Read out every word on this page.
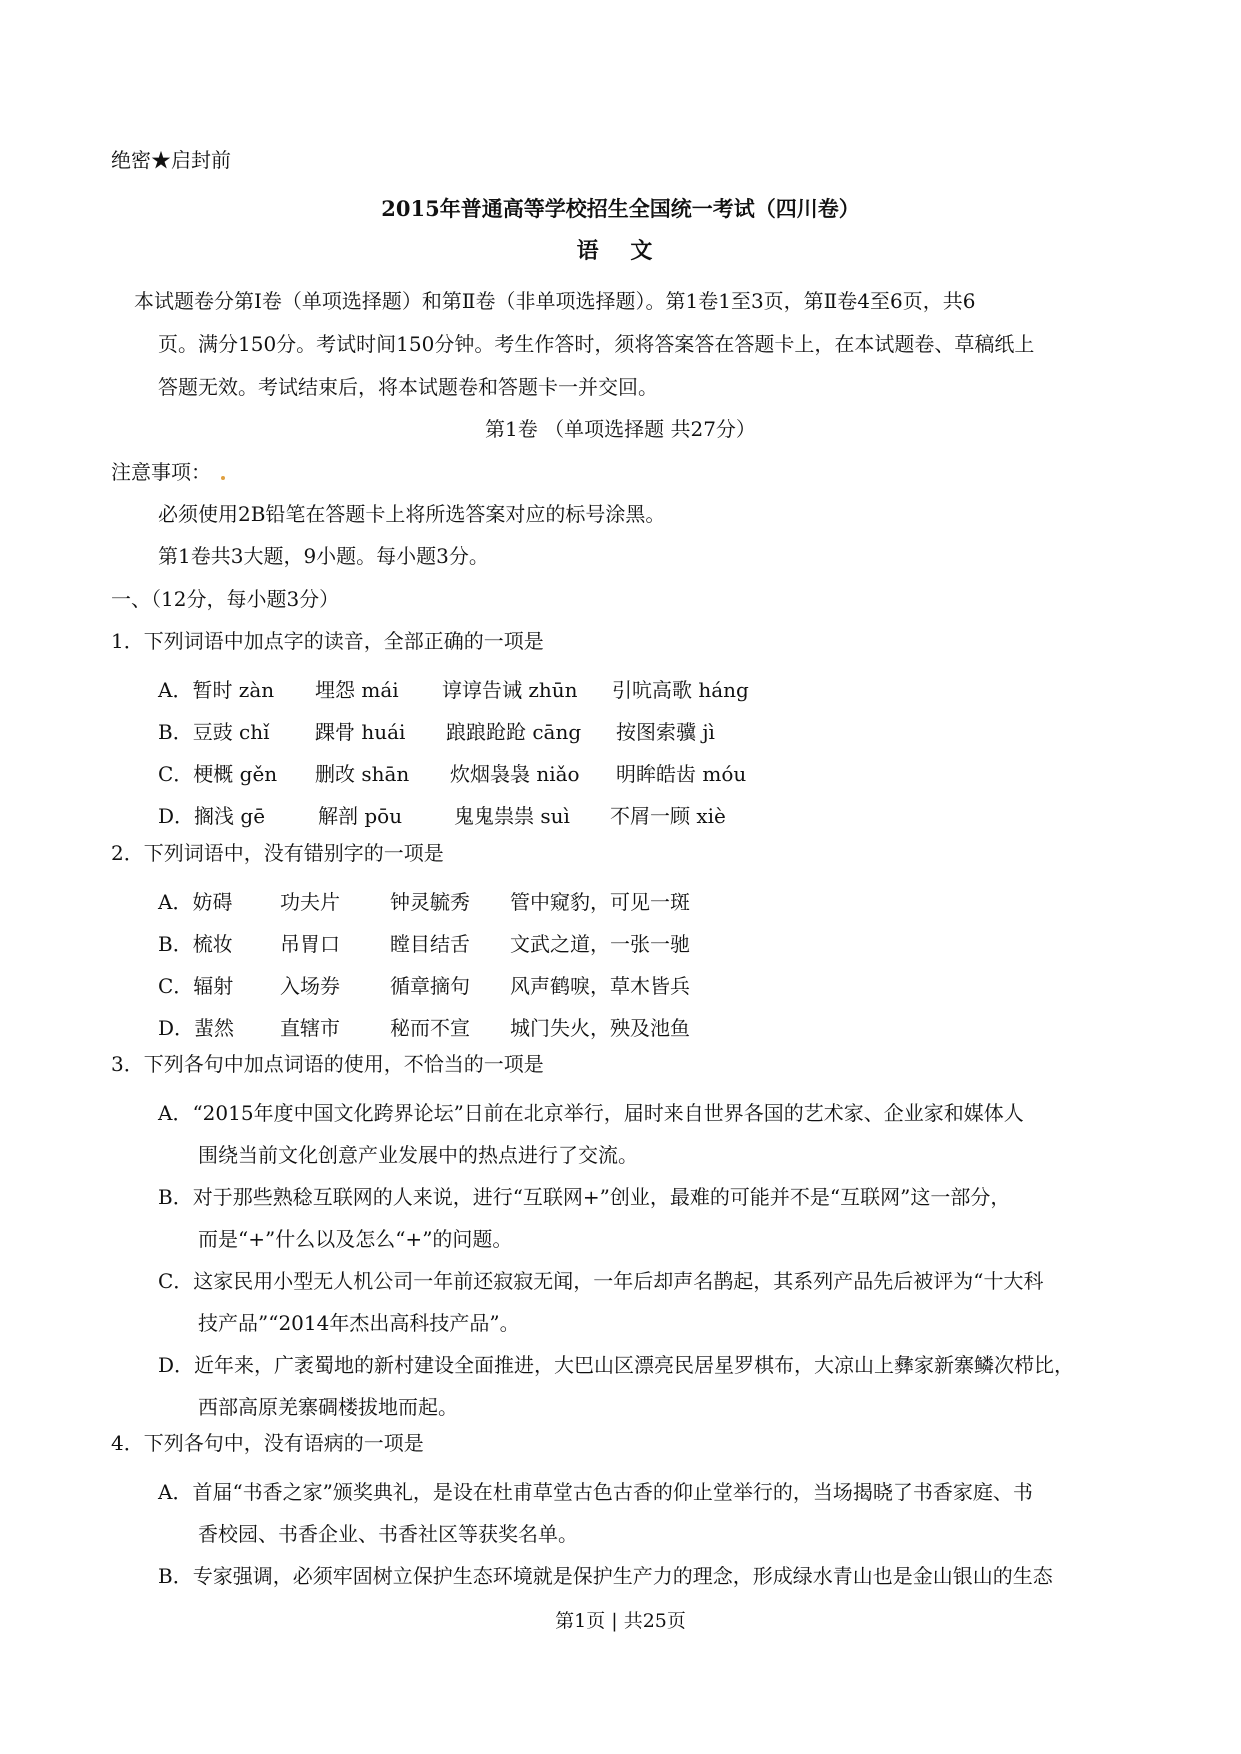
绝密★启封前
2015年普通高等学校招生全国统一考试（四川卷）
语 文
本试题卷分第Ⅰ卷（单项选择题）和第Ⅱ卷（非单项选择题）。第1卷1至3页，第Ⅱ卷4至6页，共6
页。满分150分。考试时间150分钟。考生作答时，须将答案答在答题卡上，在本试题卷、草稿纸上
答题无效。考试结束后，将本试题卷和答题卡一并交回。
第1卷 （单项选择题 共27分）
注意事项：
必须使用2B铅笔在答题卡上将所选答案对应的标号涂黑。
第1卷共3大题，9小题。每小题3分。
一、（12分，每小题3分）
1．下列词语中加点字的读音，全部正确的一项是
A．暂时 zàn 埋怨 mái 谆谆告诫 zhūn 引吭高歌 háng
B．豆豉 chǐ 踝骨 huái 踉踉跄跄 cāng 按图索骥 jì
C．梗概 gěn 删改 shān 炊烟袅袅 niǎo 明眸皓齿 móu
D．搁浅 gē	解剖 pōu	鬼鬼祟祟 suì 不屑一顾 xiè
2．下列词语中，没有错别字的一项是
A．妨碍 功夫片	钟灵毓秀 管中窥豹，可见一斑
B．梳妆 吊胃口	瞠目结舌 文武之道，一张一驰
C．辐射 入场券	循章摘句 风声鹤唳，草木皆兵
D．蜚然 直辖市	秘而不宣 城门失火，殃及池鱼
3．下列各句中加点词语的使用，不恰当的一项是
A．“2015年度中国文化跨界论坛”日前在北京举行，届时来自世界各国的艺术家、企业家和媒体人
围绕当前文化创意产业发展中的热点进行了交流。
B．对于那些熟稔互联网的人来说，进行“互联网+”创业，最难的可能并不是“互联网”这一部分，
而是“+”什么以及怎么“+”的问题。
C．这家民用小型无人机公司一年前还寂寂无闻，一年后却声名鹊起，其系列产品先后被评为“十大科
技产品”“2014年杰出高科技产品”。
D．近年来，广袤蜀地的新村建设全面推进，大巴山区漂亮民居星罗棋布，大凉山上彝家新寨鳞次栉比，
西部高原羌寨碉楼拔地而起。
4．下列各句中，没有语病的一项是
A．首届“书香之家”颁奖典礼，是设在杜甫草堂古色古香的仰止堂举行的，当场揭晓了书香家庭、书
香校园、书香企业、书香社区等获奖名单。
B．专家强调，必须牢固树立保护生态环境就是保护生产力的理念，形成绿水青山也是金山银山的生态
第1页 | 共25页
